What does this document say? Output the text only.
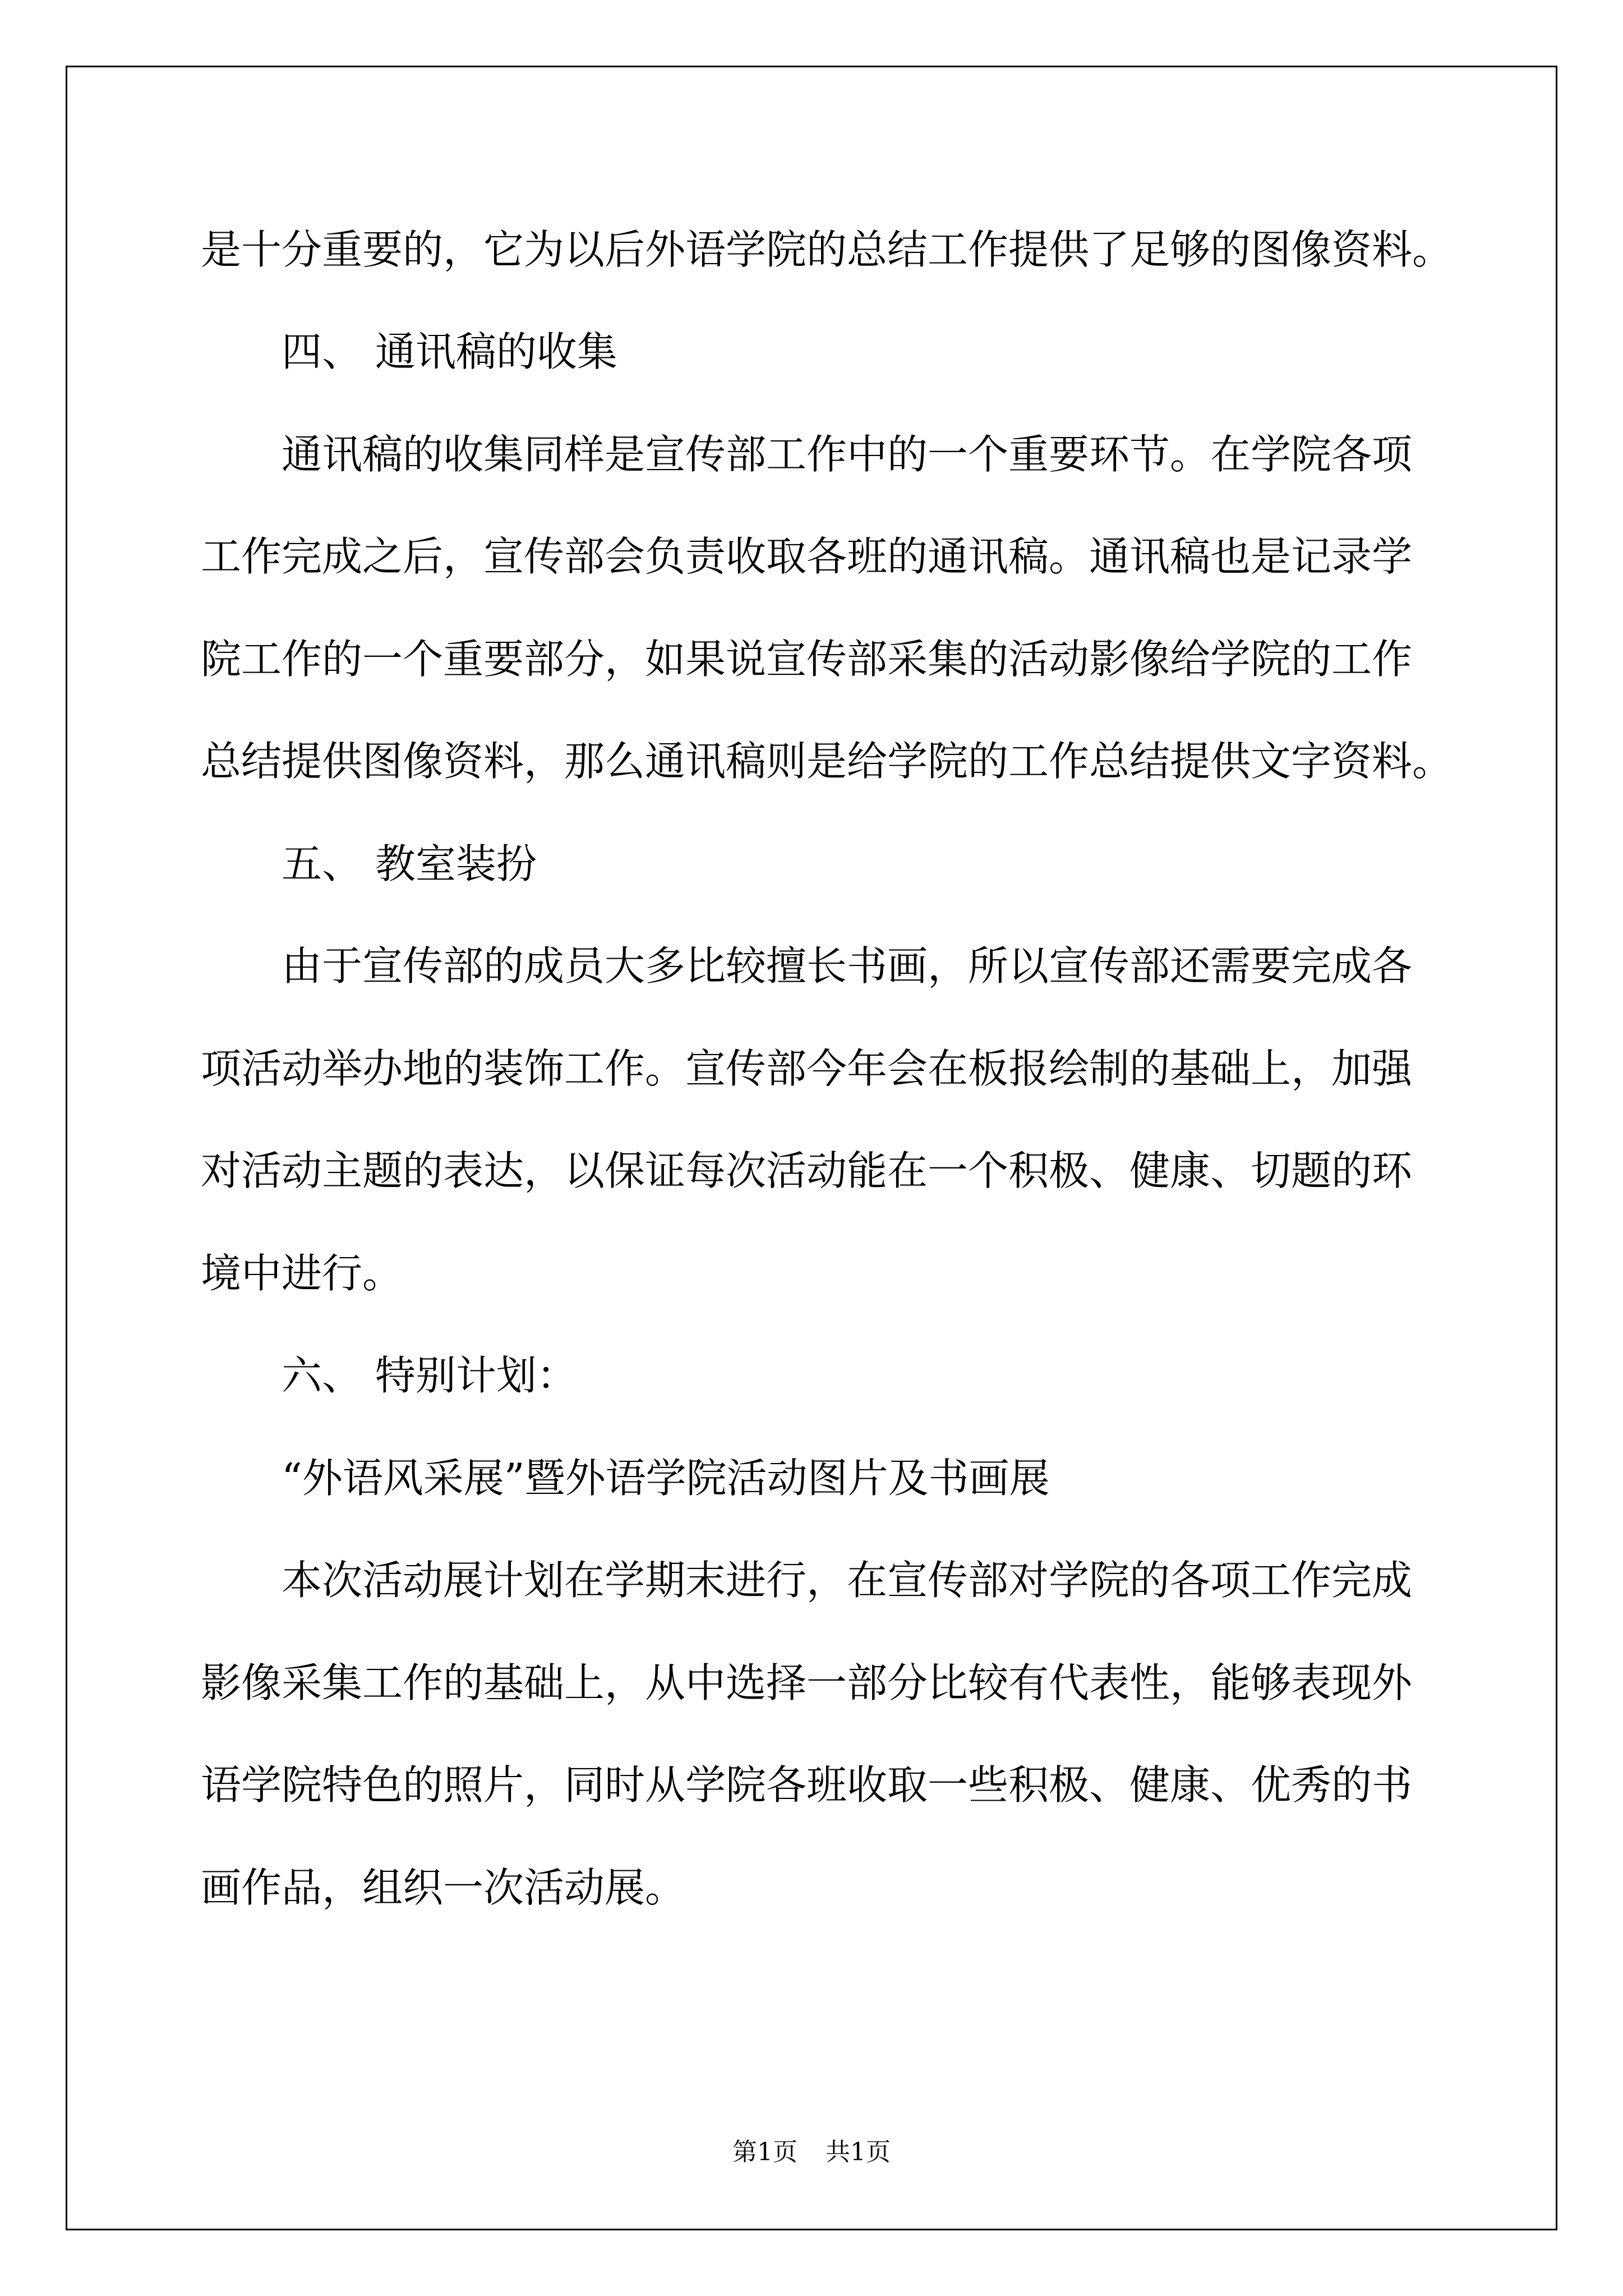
是十分重要的，它为以后外语学院的总结工作提供了足够的图像资料。
四、 通讯稿的收集
通讯稿的收集同样是宣传部工作中的一个重要环节。在学院各项
工作完成之后，宣传部会负责收取各班的通讯稿。通讯稿也是记录学
院工作的一个重要部分，如果说宣传部采集的活动影像给学院的工作
总结提供图像资料，那么通讯稿则是给学院的工作总结提供文字资料。
五、 教室装扮
由于宣传部的成员大多比较擅长书画，所以宣传部还需要完成各
项活动举办地的装饰工作。宣传部今年会在板报绘制的基础上，加强
对活动主题的表达，以保证每次活动能在一个积极、健康、切题的环
境中进行。
六、 特别计划：
“外语风采展”暨外语学院活动图片及书画展
本次活动展计划在学期末进行，在宣传部对学院的各项工作完成
影像采集工作的基础上，从中选择一部分比较有代表性，能够表现外
语学院特色的照片，同时从学院各班收取一些积极、健康、优秀的书
画作品，组织一次活动展。
第1页 共1页
